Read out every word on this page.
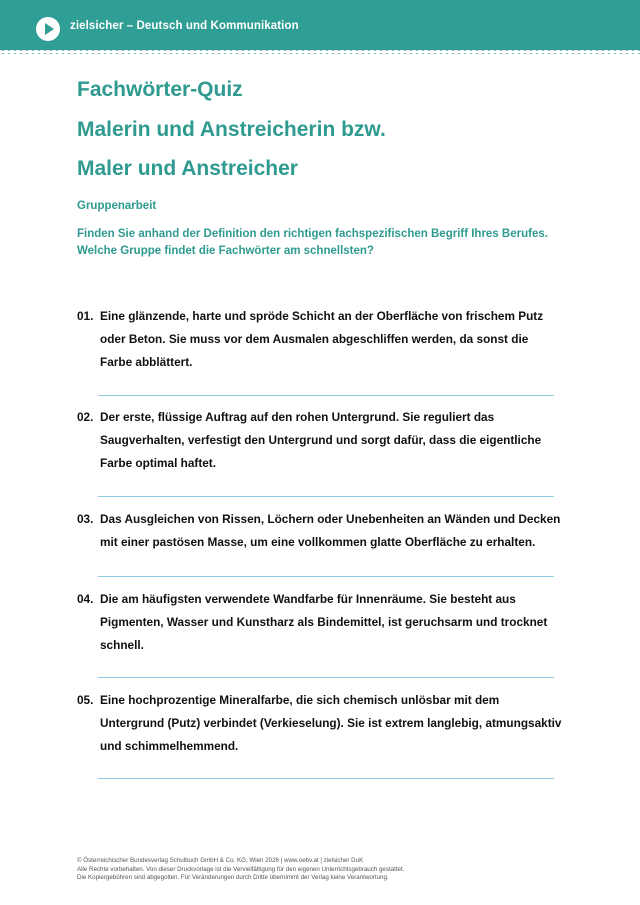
zielsicher – Deutsch und Kommunikation
Fachwörter-Quiz
Malerin und Anstreicherin bzw.
Maler und Anstreicher
Gruppenarbeit
Finden Sie anhand der Definition den richtigen fachspezifischen Begriff Ihres Berufes.
Welche Gruppe findet die Fachwörter am schnellsten?
01. Eine glänzende, harte und spröde Schicht an der Oberfläche von frischem Putz
oder Beton. Sie muss vor dem Ausmalen abgeschliffen werden, da sonst die
Farbe abblättert.
02. Der erste, flüssige Auftrag auf den rohen Untergrund. Sie reguliert das
Saugverhalten, verfestigt den Untergrund und sorgt dafür, dass die eigentliche
Farbe optimal haftet.
03. Das Ausgleichen von Rissen, Löchern oder Unebenheiten an Wänden und Decken
mit einer pastösen Masse, um eine vollkommen glatte Oberfläche zu erhalten.
04. Die am häufigsten verwendete Wandfarbe für Innenräume. Sie besteht aus
Pigmenten, Wasser und Kunstharz als Bindemittel, ist geruchsarm und trocknet
schnell.
05. Eine hochprozentige Mineralfarbe, die sich chemisch unlösbar mit dem
Untergrund (Putz) verbindet (Verkieselung). Sie ist extrem langlebig, atmungsaktiv
und schimmelhemmend.
© Österreichischer Bundesverlag Schulbuch GmbH & Co. KG, Wien 2026 | www.oebv.at | zielsicher DuK
Alle Rechte vorbehalten. Von dieser Druckvorlage ist die Vervielfältigung für den eigenen Unterrichtsgebrauch gestattet.
Die Kopiergebühren sind abgegolten. Für Veränderungen durch Dritte übernimmt der Verlag keine Verantwortung.
